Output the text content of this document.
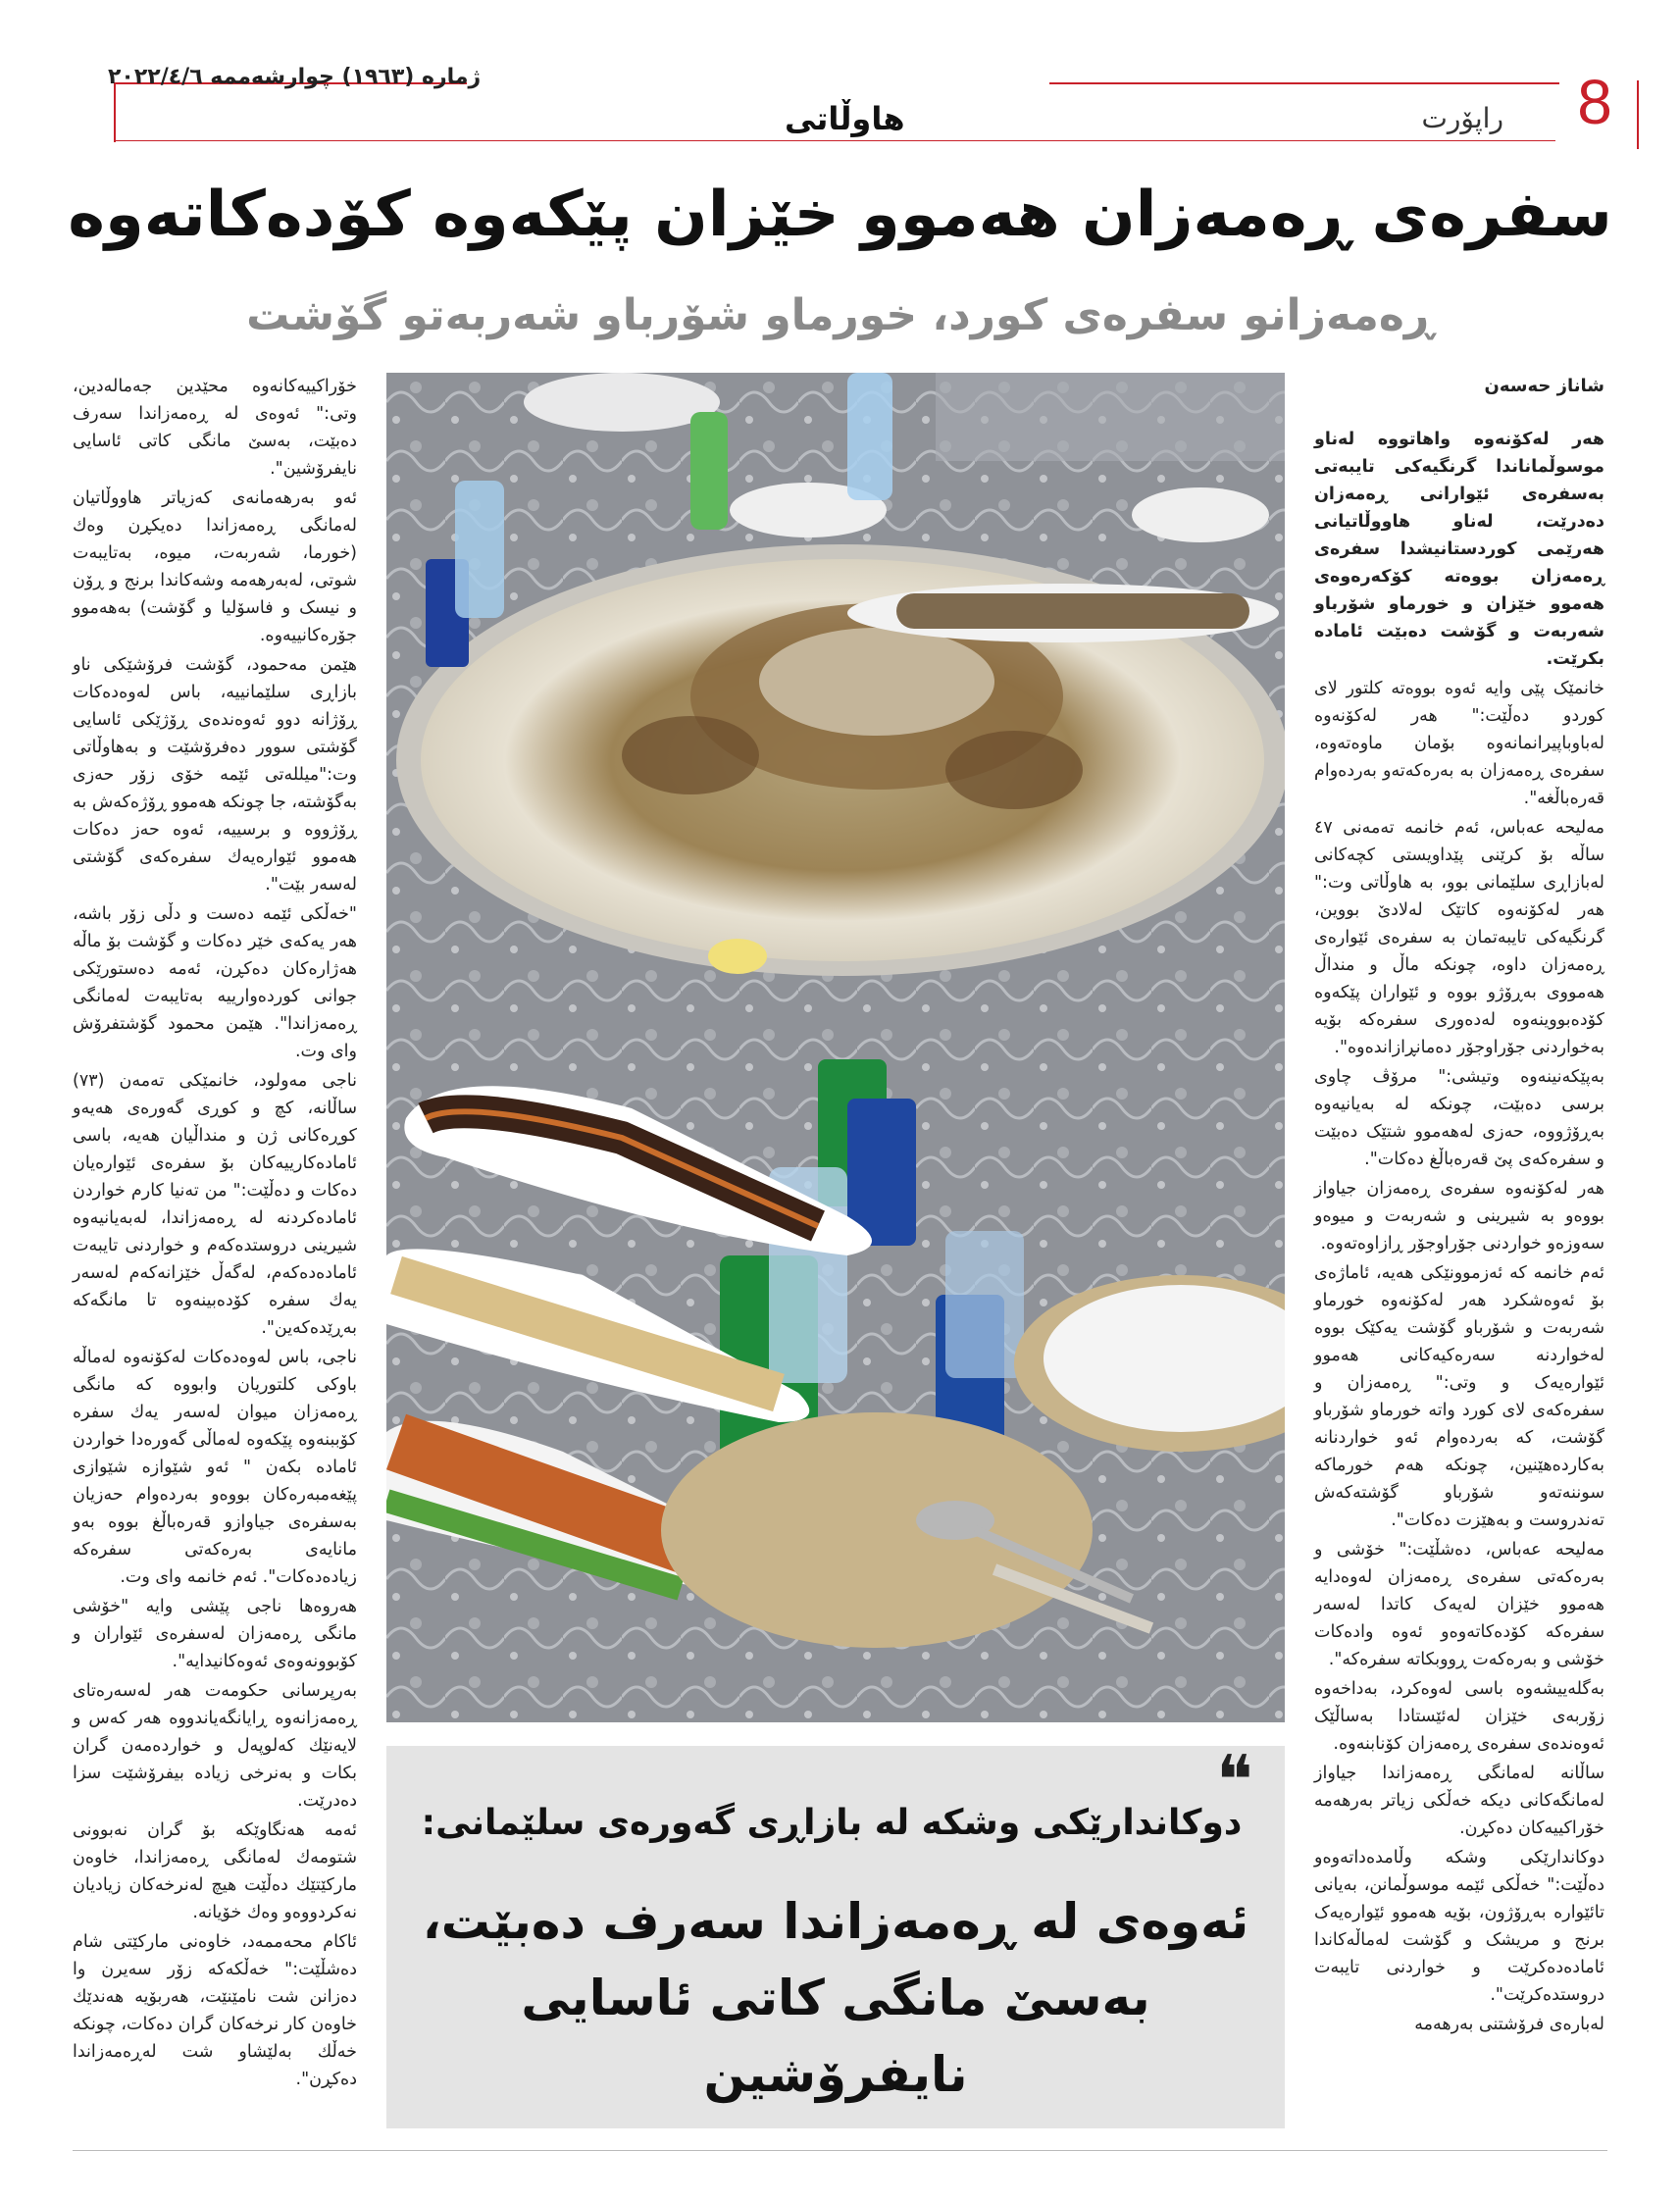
8
راپۆرت
هاوڵاتی
ژمارە (١٩٦٣) چوارشەممە ٢٠٢٢/٤/٦
سفرەی ڕەمەزان هەموو خێزان پێکەوە کۆدەکاتەوە
ڕەمەزانو سفرەی کورد، خورماو شۆرباو شەربەتو گۆشت

شاناز حەسەن

هەر لەکۆنەوە واهاتووە لەناو موسوڵماناندا گرنگیەکی تایبەتی بەسفرەی ئێوارانی ڕەمەزان دەدرێت، لەناو هاووڵاتیانی هەرێمی کوردستانیشدا سفرەی ڕەمەزان بووەتە کۆکەرەوەی هەموو خێزان و خورماو شۆرباو شەربەت و گۆشت دەبێت ئامادە بکرێت.

خانمێک پێی وایە ئەوە بووەتە کلتور لای کوردو دەڵێت:" هەر لەکۆنەوە لەباوباپیرانمانەوە بۆمان ماوەتەوە، سفرەی ڕەمەزان بە بەرەکەتەو بەردەوام قەرەباڵغە".

مەلیحە عەباس، ئەم خانمە تەمەنی ٤٧ ساڵە بۆ کرێنی پێداویستی کچەکانی لەبازاڕی سلێمانی بوو، بە هاوڵاتی وت:" هەر لەکۆنەوە کاتێک لەلادێ بووین، گرنگیەکی تایبەتمان بە سفرەی ئێوارەی ڕەمەزان داوە، چونکە ماڵ و منداڵ هەمووی بەڕۆژو بووە و ئێواران پێکەوە کۆدەبووینەوە لەدەوری سفرەکە بۆیە بەخواردنی جۆراوجۆر دەمانڕازاندەوە".

بەپێکەنینەوە وتیشی:" مرۆڤ چاوی برسی دەبێت، چونکە لە بەیانیەوە بەڕۆژووە، حەزی لەهەموو شتێک دەبێت و سفرەکەی پێ قەرەباڵغ دەکات".

هەر لەکۆنەوە سفرەی ڕەمەزان جیاواز بووەو بە شیرینی و شەربەت و میوەو سەوزەو خواردنی جۆراوجۆر ڕازاوەتەوە.

ئەم خانمە کە ئەزموونێکی هەیە، ئاماژەی بۆ ئەوەشکرد هەر لەکۆنەوە خورماو شەربەت و شۆرباو گۆشت یەکێک بووە لەخواردنە سەرەکیەکانی هەموو ئێوارەیەک و وتی:" ڕەمەزان و سفرەکەی لای کورد واتە خورماو شۆرباو گۆشت، کە بەردەوام ئەو خواردنانە بەکاردەهێنین، چونکە هەم خورماکە سوننەتەو شۆرباو گۆشتەکەش تەندروست و بەهێزت دەکات".

مەلیحە عەباس، دەشڵێت:" خۆشی و بەرەکەتی سفرەی ڕەمەزان لەوەدایە هەموو خێزان لەیەک کاتدا لەسەر سفرەکە کۆدەکاتەوەو ئەوە وادەکات خۆشی و بەرەکەت ڕووبکاتە سفرەکە".

بەگلەییشەوە باسی لەوەکرد، بەداخەوە زۆربەی خێزان لەئێستادا بەساڵێک ئەوەندەی سفرەی ڕەمەزان کۆنابنەوە.

ساڵانە لەمانگی ڕەمەزاندا جیاواز لەمانگەکانی دیکە خەڵکی زیاتر بەرهەمە خۆراکییەکان دەکڕن.

دوکاندارێکی وشکە وڵامدەداتەوەو دەڵێت:" خەڵکی ئێمە موسوڵمانن، بەیانی تائێوارە بەڕۆژون، بۆیە هەموو ئێوارەیەک برنج و مریشک و گۆشت لەماڵەکاندا ئامادەدەکرێت و خواردنی تایبەت دروستدەکرێت".

لەبارەی فرۆشتنی بەرهەمە

خۆراکییەکانەوە محێدین جەمالەدین، وتی:" ئەوەی لە ڕەمەزاندا سەرف دەبێت، بەسێ مانگی کاتی ئاسایی نایفرۆشین".

ئەو بەرهەمانەی کەزیاتر هاووڵاتیان لەمانگی ڕەمەزاندا دەیکڕن وەك (خورما، شەربەت، میوە، بەتایبەت شوتی، لەبەرهەمە وشەکاندا برنج و ڕۆن و نیسک و فاسۆلیا و گۆشت) بەهەموو جۆرەکانییەوە.

هێمن مەحمود، گۆشت فرۆشێکی ناو بازاڕی سلێمانییە، باس لەوەدەکات ڕۆژانە دوو ئەوەندەی ڕۆژێکی ئاسایی گۆشتی سوور دەفرۆشێت و بەهاوڵاتی وت:"میللەتی ئێمە خۆی زۆر حەزی بەگۆشتە، جا چونکە هەموو ڕۆژەکەش بە ڕۆژووە و برسییە، ئەوە حەز دەکات هەموو ئێوارەیەك سفرەکەی گۆشتی لەسەر بێت".

"خەڵکی ئێمە دەست و دڵی زۆر باشە، هەر یەکەی خێر دەکات و گۆشت بۆ ماڵە هەژارەکان دەکڕن، ئەمە دەستورێکی جوانی کوردەوارییە بەتایبەت لەمانگی ڕەمەزاندا". هێمن محمود گۆشتفرۆش وای وت.

ناجی مەولود، خانمێکی تەمەن (٧٣) ساڵانە، کچ و کوڕی گەورەی هەیەو کوڕەکانی ژن و منداڵیان هەیە، باسی ئامادەکارییەکان بۆ سفرەی ئێوارەیان دەکات و دەڵێت:" من تەنیا کارم خواردن ئامادەکردنە لە ڕەمەزاندا، لەبەیانیەوە شیرینی دروستدەکەم و خواردنی تایبەت ئامادەدەکەم، لەگەڵ خێزانەکەم لەسەر یەك سفرە کۆدەبینەوە تا مانگەکە بەڕێدەکەین".

ناجی، باس لەوەدەکات لەکۆنەوە لەماڵە باوکی کلتوریان وابووە کە مانگی ڕەمەزان میوان لەسەر یەك سفرە کۆببنەوە پێکەوە لەماڵی گەورەدا خواردن ئامادە بکەن " ئەو شێوازە شێوازی پێغەمبەرەکان بووەو بەردەوام حەزیان بەسفرەی جیاوازو قەرەباڵغ بووە بەو مانایەی بەرەکەتی سفرەکە زیادەدەکات". ئەم خانمە وای وت.

هەروەها ناجی پێشی وایە "خۆشی مانگی ڕەمەزان لەسفرەی ئێواران و کۆبوونەوەی ئەوەکانیدایە".

بەرپرسانی حکومەت هەر لەسەرەتای ڕەمەزانەوە ڕایانگەیاندووە هەر کەس و لایەنێك کەلوپەل و خواردەمەن گران بکات و بەنرخی زیادە بیفرۆشێت سزا دەدرێت.

ئەمە هەنگاوێکە بۆ گران نەبوونی شتومەك لەمانگی ڕەمەزاندا، خاوەن مارکێتێك دەڵێت هیچ لەنرخەکان زیادیان نەکردووەو وەك خۆیانە.

ئاکام محەممەد، خاوەنی مارکێتی شام دەشڵێت:" خەڵکەکە زۆر سەیرن وا دەزانن شت نامێنێت، هەربۆیە هەندێك خاوەن کار نرخەکان گران دەکات، چونکە خەڵك بەلێشاو شت لەڕەمەزاندا دەکڕن".

دوکاندارێکی وشکە لە بازاڕی گەورەی سلێمانی:
ئەوەی لە ڕەمەزاندا سەرف دەبێت،
بەسێ مانگی کاتی ئاسایی
نایفرۆشین
❝
